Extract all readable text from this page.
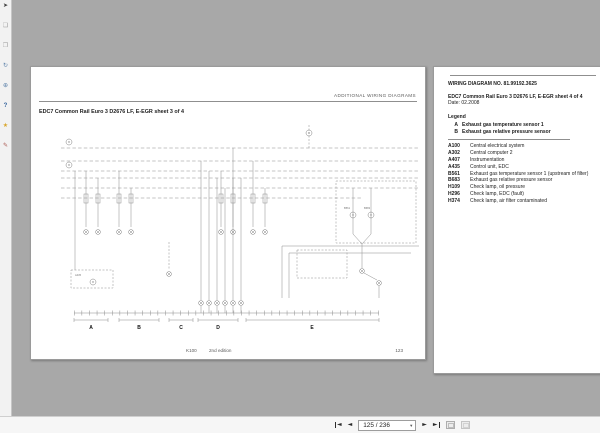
➤
❏
❐
↻
⊕
?
★
✎
ADDITIONAL WIRING DIAGRAMS
EDC7 Common Rail Euro 3 D2676 LF, E-EGR sheet 3 of 4
A435
B561	B683
A	B	C	D	E
K100	2nd edition	123
WIRING DIAGRAM NO. 81.99192.3625
EDC7 Common Rail Euro 3 D2676 LF, E-EGR sheet 4 of 4
Date: 02.2008
Legend
A Exhaust gas temperature sensor 1
B Exhaust gas relative pressure sensor
A100	Central electrical system
A302	Central computer 2
A407	Instrumentation
A435	Control unit, EDC
B561	Exhaust gas temperature sensor 1 (upstream of filter)
B683	Exhaust gas relative pressure sensor
H109	Check lamp, oil pressure
H296	Check lamp, EDC (fault)
H374	Check lamp, air filter contaminated
◄ ◄ 125 / 236	▼ ► ►
